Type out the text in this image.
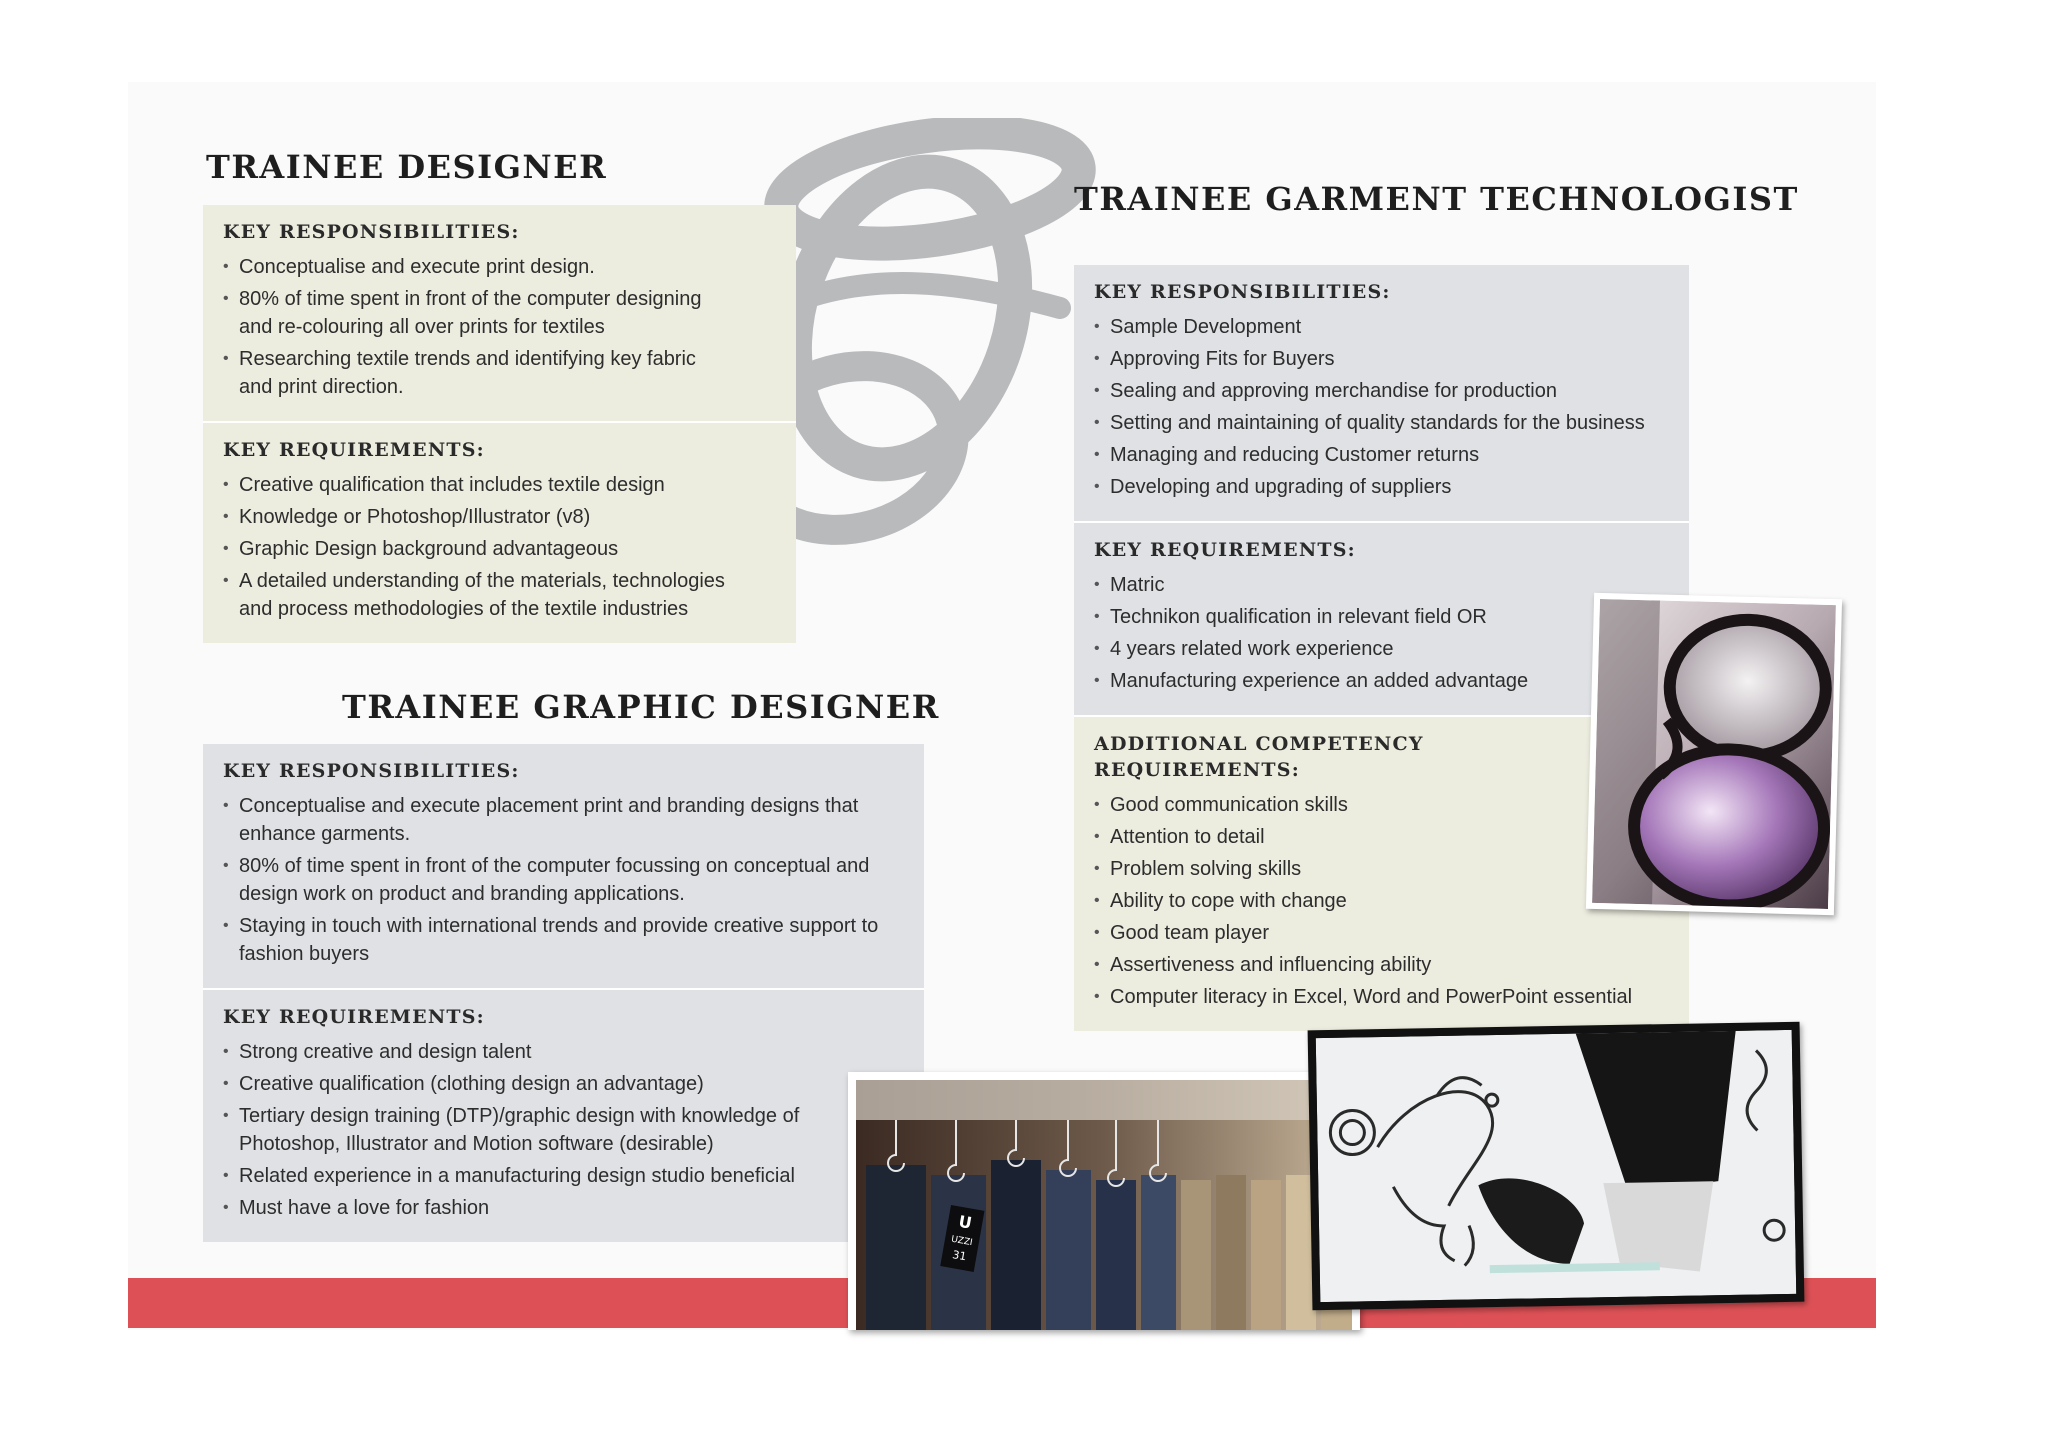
TRAINEE DESIGNER
KEY RESPONSIBILITIES:
• Conceptualise and execute print design.
• 80% of time spent in front of the computer designing and re-colouring all over prints for textiles
• Researching textile trends and identifying key fabric and print direction.
KEY REQUIREMENTS:
• Creative qualification that includes textile design
• Knowledge or Photoshop/Illustrator (v8)
• Graphic Design background advantageous
• A detailed understanding of the materials, technologies and process methodologies of the textile industries
TRAINEE GRAPHIC DESIGNER
KEY RESPONSIBILITIES:
• Conceptualise and execute placement print and branding designs that enhance garments.
• 80% of time spent in front of the computer focussing on conceptual and design work on product and branding applications.
• Staying in touch with international trends and provide creative support to fashion buyers
KEY REQUIREMENTS:
• Strong creative and design talent
• Creative qualification (clothing design an advantage)
• Tertiary design training (DTP)/graphic design with knowledge of Photoshop, Illustrator and Motion software (desirable)
• Related experience in a manufacturing design studio beneficial
• Must have a love for fashion
TRAINEE GARMENT TECHNOLOGIST
KEY RESPONSIBILITIES:
• Sample Development
• Approving Fits for Buyers
• Sealing and approving merchandise for production
• Setting and maintaining of quality standards for the business
• Managing and reducing Customer returns
• Developing and upgrading of suppliers
KEY REQUIREMENTS:
• Matric
• Technikon qualification in relevant field OR
• 4 years related work experience
• Manufacturing experience an added advantage
ADDITIONAL COMPETENCY REQUIREMENTS:
• Good communication skills
• Attention to detail
• Problem solving skills
• Ability to cope with change
• Good team player
• Assertiveness and influencing ability
• Computer literacy in Excel, Word and PowerPoint essential
U
UZZI
31
